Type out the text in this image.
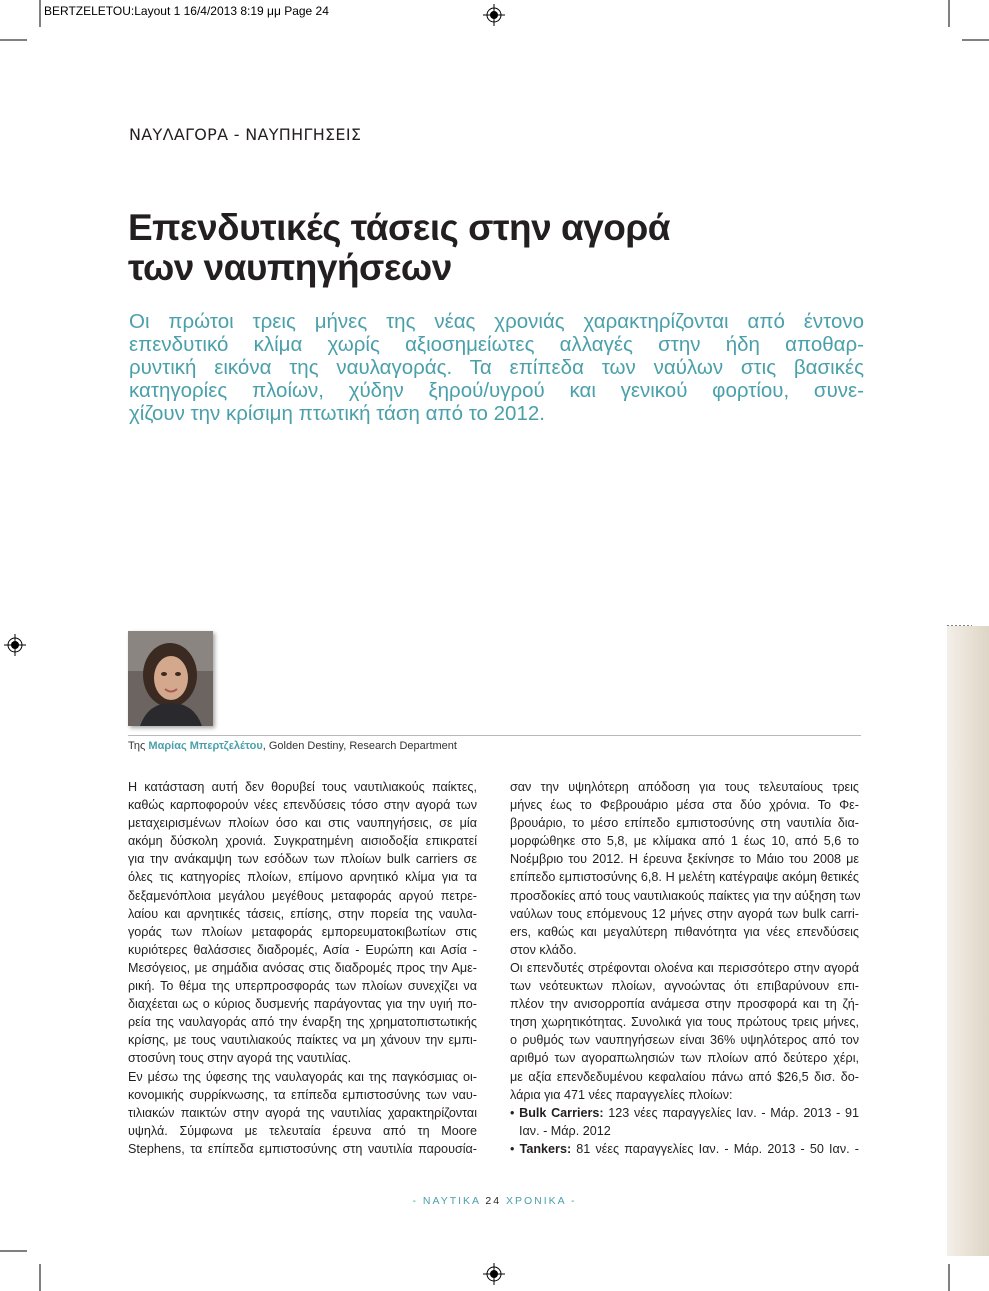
BERTZELETOU:Layout 1 16/4/2013 8:19 μμ Page 24
ΝΑΥΛΑΓΟΡΑ - ΝΑΥΠΗΓΗΣΕΙΣ
Επενδυτικές τάσεις στην αγορά
των ναυπηγήσεων
Οι πρώτοι τρεις μήνες της νέας χρονιάς χαρακτηρίζονται από έντονο
επενδυτικό κλίμα χωρίς αξιοσημείωτες αλλαγές στην ήδη αποθαρ-
ρυντική εικόνα της ναυλαγοράς. Τα επίπεδα των ναύλων στις βασικές
κατηγορίες πλοίων, χύδην ξηρού/υγρού και γενικού φορτίου, συνε-
χίζουν την κρίσιμη πτωτική τάση από το 2012.
Της Μαρίας Μπερτζελέτου, Golden Destiny, Research Department
Η κατάσταση αυτή δεν θορυβεί τους ναυτιλιακούς παίκτες,
καθώς καρποφορούν νέες επενδύσεις τόσο στην αγορά των
μεταχειρισμένων πλοίων όσο και στις ναυπηγήσεις, σε μία
ακόμη δύσκολη χρονιά. Συγκρατημένη αισιοδοξία επικρατεί
για την ανάκαμψη των εσόδων των πλοίων bulk carriers σε
όλες τις κατηγορίες πλοίων, επίμονο αρνητικό κλίμα για τα
δεξαμενόπλοια μεγάλου μεγέθους μεταφοράς αργού πετρε-
λαίου και αρνητικές τάσεις, επίσης, στην πορεία της ναυλα-
γοράς των πλοίων μεταφοράς εμπορευματοκιβωτίων στις
κυριότερες θαλάσσιες διαδρομές, Ασία - Ευρώπη και Ασία -
Μεσόγειος, με σημάδια ανόσας στις διαδρομές προς την Αμε-
ρική. Το θέμα της υπερπροσφοράς των πλοίων συνεχίζει να
διαχέεται ως ο κύριος δυσμενής παράγοντας για την υγιή πο-
ρεία της ναυλαγοράς από την έναρξη της χρηματοπιστωτικής
κρίσης, με τους ναυτιλιακούς παίκτες να μη χάνουν την εμπι-
στοσύνη τους στην αγορά της ναυτιλίας.
Εν μέσω της ύφεσης της ναυλαγοράς και της παγκόσμιας οι-
κονομικής συρρίκνωσης, τα επίπεδα εμπιστοσύνης των ναυ-
τιλιακών παικτών στην αγορά της ναυτιλίας χαρακτηρίζονται
υψηλά. Σύμφωνα με τελευταία έρευνα από τη Moore
Stephens, τα επίπεδα εμπιστοσύνης στη ναυτιλία παρουσία-
σαν την υψηλότερη απόδοση για τους τελευταίους τρεις
μήνες έως το Φεβρουάριο μέσα στα δύο χρόνια. Το Φε-
βρουάριο, το μέσο επίπεδο εμπιστοσύνης στη ναυτιλία δια-
μορφώθηκε στο 5,8, με κλίμακα από 1 έως 10, από 5,6 το
Νοέμβριο του 2012. Η έρευνα ξεκίνησε το Μάιο του 2008 με
επίπεδο εμπιστοσύνης 6,8. Η μελέτη κατέγραψε ακόμη θετικές
προσδοκίες από τους ναυτιλιακούς παίκτες για την αύξηση των
ναύλων τους επόμενους 12 μήνες στην αγορά των bulk carri-
ers, καθώς και μεγαλύτερη πιθανότητα για νέες επενδύσεις
στον κλάδο.
Οι επενδυτές στρέφονται ολοένα και περισσότερο στην αγορά
των νεότευκτων πλοίων, αγνοώντας ότι επιβαρύνουν επι-
πλέον την ανισορροπία ανάμεσα στην προσφορά και τη ζή-
τηση χωρητικότητας. Συνολικά για τους πρώτους τρεις μήνες,
ο ρυθμός των ναυπηγήσεων είναι 36% υψηλότερος από τον
αριθμό των αγοραπωλησιών των πλοίων από δεύτερο χέρι,
με αξία επενδεδυμένου κεφαλαίου πάνω από $26,5 δισ. δο-
λάρια για 471 νέες παραγγελίες πλοίων:
• Bulk Carriers: 123 νέες παραγγελίες Ιαν. - Μάρ. 2013 - 91
Ιαν. - Μάρ. 2012
• Tankers: 81 νέες παραγγελίες Ιαν. - Μάρ. 2013 - 50 Ιαν. -
- ΝΑΥΤΙΚΑ 24 ΧΡΟΝΙΚΑ -
